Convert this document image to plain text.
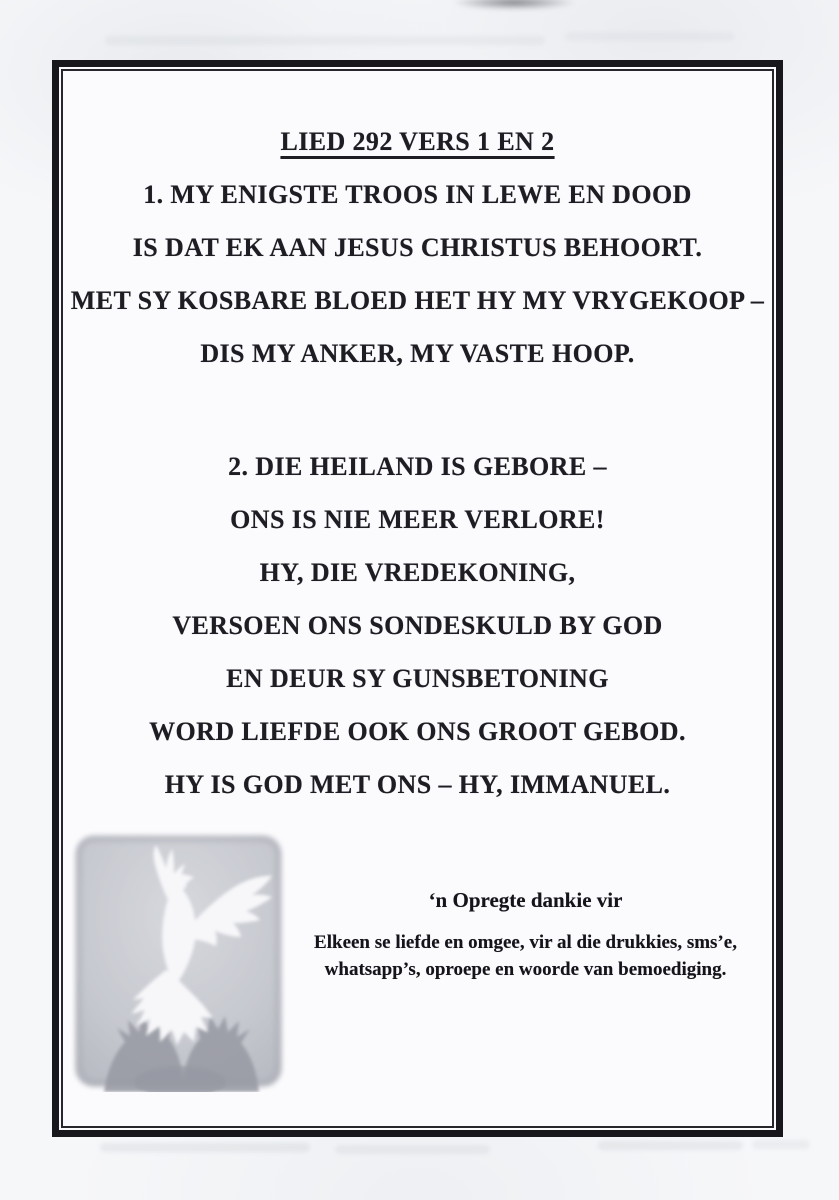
LIED 292 VERS 1 EN 2
1. MY ENIGSTE TROOS IN LEWE EN DOOD
IS DAT EK AAN JESUS CHRISTUS BEHOORT.
MET SY KOSBARE BLOED HET HY MY VRYGEKOOP –
DIS MY ANKER, MY VASTE HOOP.
2. DIE HEILAND IS GEBORE –
ONS IS NIE MEER VERLORE!
HY, DIE VREDEKONING,
VERSOEN ONS SONDESKULD BY GOD
EN DEUR SY GUNSBETONING
WORD LIEFDE OOK ONS GROOT GEBOD.
HY IS GOD MET ONS – HY, IMMANUEL.
‘n Opregte dankie vir
Elkeen se liefde en omgee, vir al die drukkies, sms’e,
whatsapp’s, oproepe en woorde van bemoediging.
